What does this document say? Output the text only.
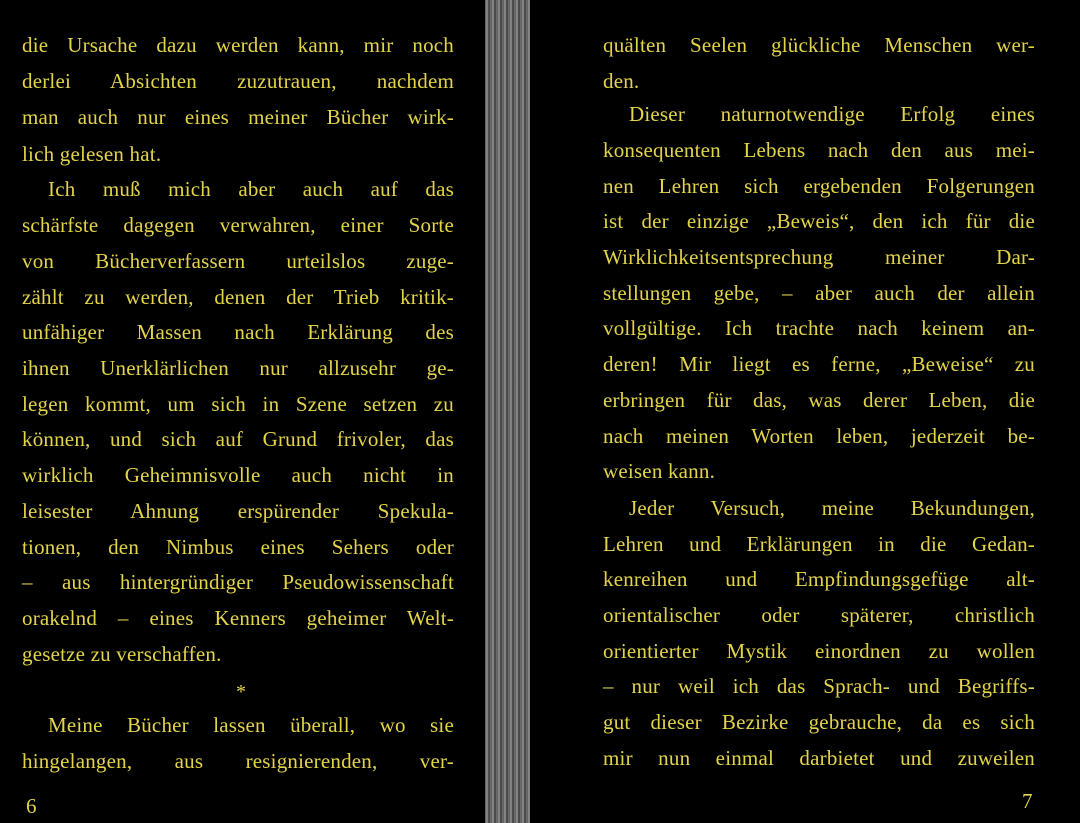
die Ursache dazu werden kann, mir noch
derlei Absichten zuzutrauen, nachdem
man auch nur eines meiner Bücher wirk-
lich gelesen hat.
Ich muß mich aber auch auf das
schärfste dagegen verwahren, einer Sorte
von Bücherverfassern urteilslos zuge-
zählt zu werden, denen der Trieb kritik-
unfähiger Massen nach Erklärung des
ihnen Unerklärlichen nur allzusehr ge-
legen kommt, um sich in Szene setzen zu
können, und sich auf Grund frivoler, das
wirklich Geheimnisvolle auch nicht in
leisester Ahnung erspürender Spekula-
tionen, den Nimbus eines Sehers oder
– aus hintergründiger Pseudowissenschaft
orakelnd – eines Kenners geheimer Welt-
gesetze zu verschaffen.
*
Meine Bücher lassen überall, wo sie
hingelangen, aus resignierenden, ver-
6
quälten Seelen glückliche Menschen wer-
den.
Dieser naturnotwendige Erfolg eines
konsequenten Lebens nach den aus mei-
nen Lehren sich ergebenden Folgerungen
ist der einzige „Beweis“, den ich für die
Wirklichkeitsentsprechung meiner Dar-
stellungen gebe, – aber auch der allein
vollgültige. Ich trachte nach keinem an-
deren! Mir liegt es ferne, „Beweise“ zu
erbringen für das, was derer Leben, die
nach meinen Worten leben, jederzeit be-
weisen kann.
Jeder Versuch, meine Bekundungen,
Lehren und Erklärungen in die Gedan-
kenreihen und Empfindungsgefüge alt-
orientalischer oder späterer, christlich
orientierter Mystik einordnen zu wollen
– nur weil ich das Sprach- und Begriffs-
gut dieser Bezirke gebrauche, da es sich
mir nun einmal darbietet und zuweilen
7
